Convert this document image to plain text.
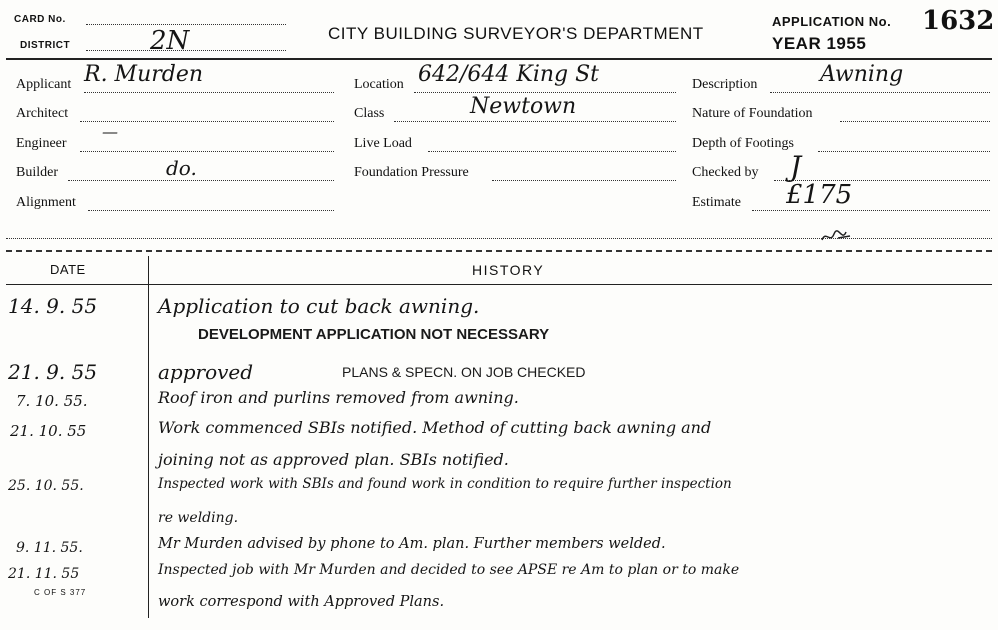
CARD No.
DISTRICT	2N	CITY BUILDING SURVEYOR'S DEPARTMENT
APPLICATION No. 1632
YEAR 1955
Applicant R. Murden
Architect
Engineer
—
Builder	do.
Alignment
Location 642/644 King St
Class	Newtown
Live Load
Foundation Pressure
Description	Awning
Nature of Foundation
Depth of Footings
Checked by J
Estimate £175
DATE	HISTORY
14. 9. 55	Application to cut back awning.
DEVELOPMENT APPLICATION NOT NECESSARY
21. 9. 55	approved	PLANS & SPECN. ON JOB CHECKED
7. 10. 55.	Roof iron and purlins removed from awning.
21. 10. 55	Work commenced SBIs notified. Method of cutting back awning and
joining not as approved plan. SBIs notified.
25. 10. 55.	Inspected work with SBIs and found work in condition to require further inspection
re welding.
9. 11. 55.	Mr Murden advised by phone to Am. plan. Further members welded.
21. 11. 55	Inspected job with Mr Murden and decided to see APSE re Am to plan or to make
work correspond with Approved Plans.
C OF S 377
